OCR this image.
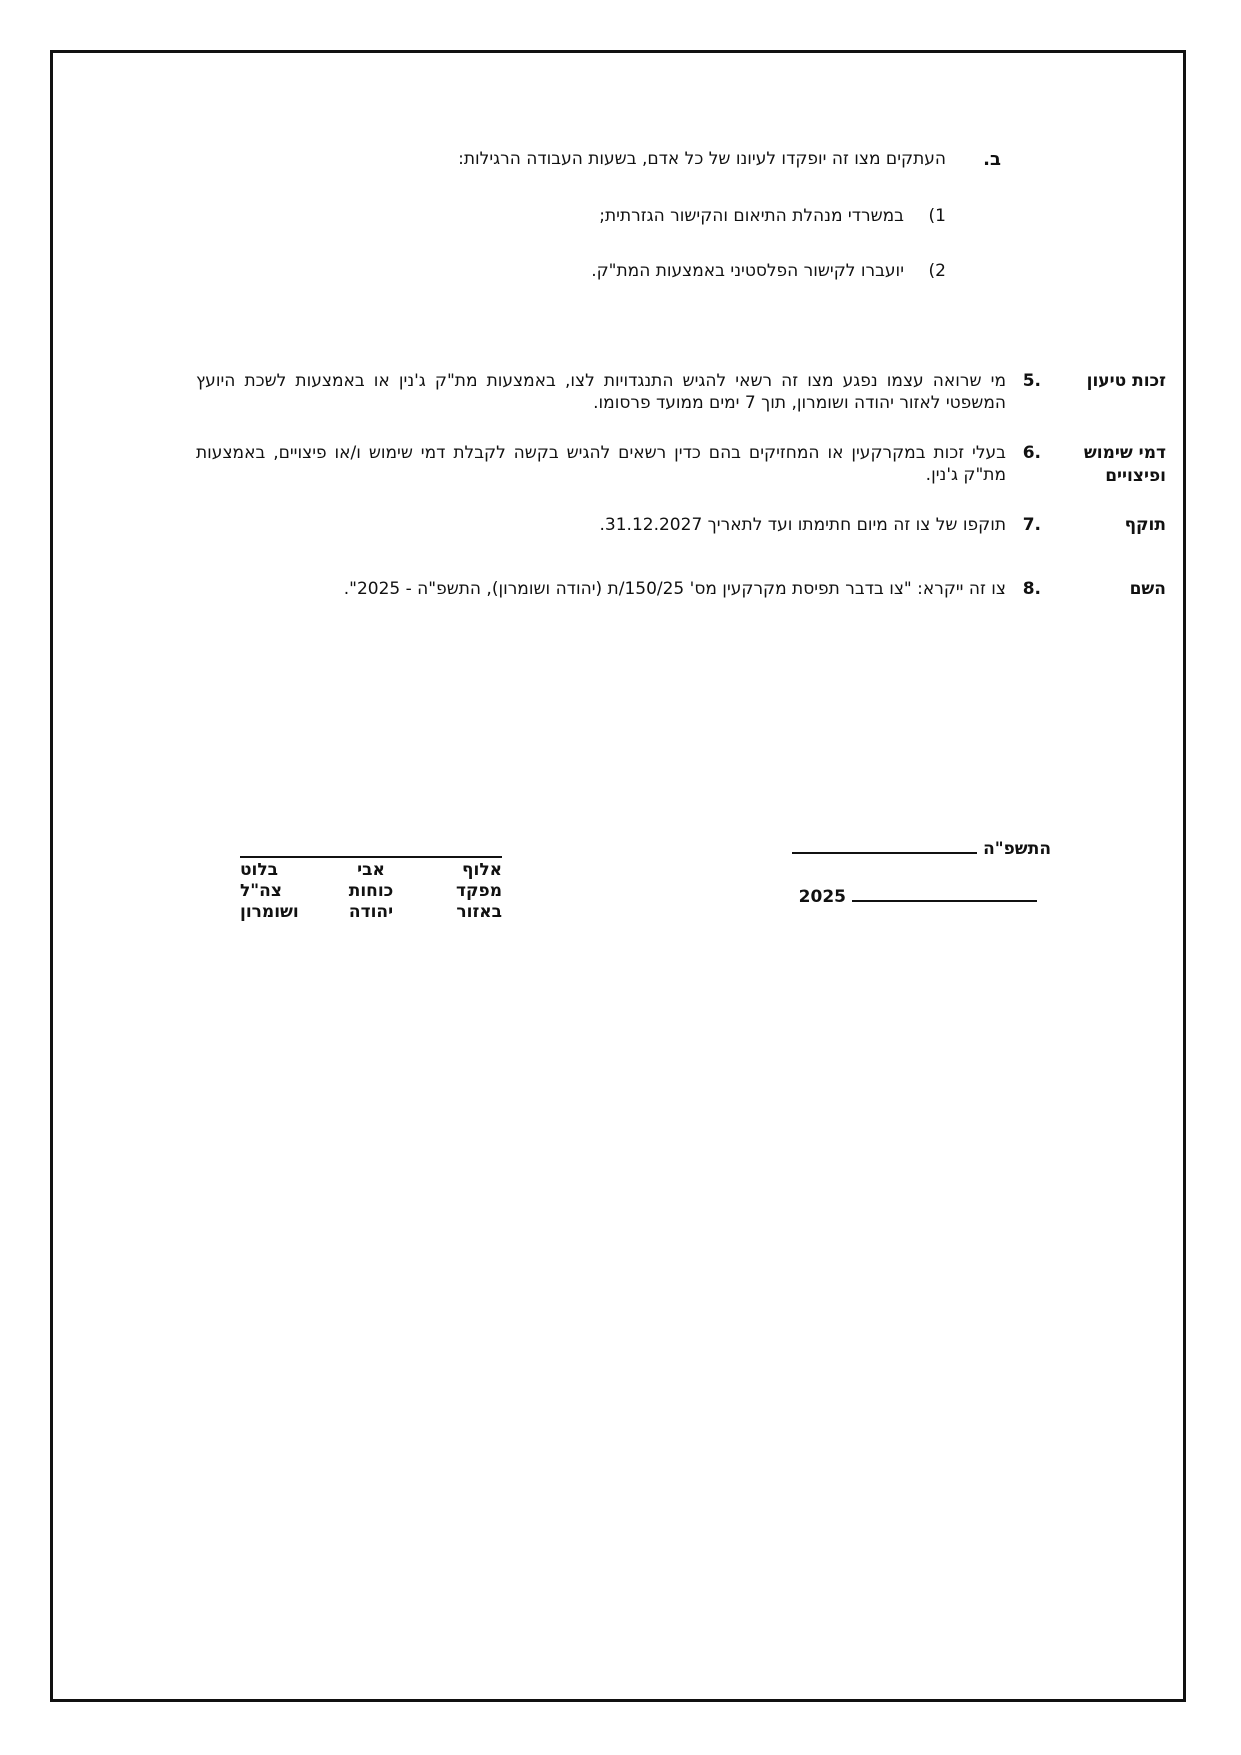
ב.
העתקים מצו זה יופקדו לעיונו של כל אדם, בשעות העבודה הרגילות:
1)במשרדי מנהלת התיאום והקישור הגזרתית;
2)יועברו לקישור הפלסטיני באמצעות המת"ק.
זכות טיעון
.5
מי שרואה עצמו נפגע מצו זה רשאי להגיש התנגדויות לצו, באמצעות מת"ק ג'נין או באמצעות לשכת היועץ המשפטי לאזור יהודה ושומרון, תוך 7 ימים ממועד פרסומו.
דמי שימוש ופיצויים
.6
בעלי זכות במקרקעין או המחזיקים בהם כדין רשאים להגיש בקשה לקבלת דמי שימוש ו/או פיצויים, באמצעות מת"ק ג'נין.
תוקף
.7
תוקפו של צו זה מיום חתימתו ועד לתאריך 31.12.2027.
השם
.8
צו זה ייקרא: "צו בדבר תפיסת מקרקעין מס' 150/25/ת (יהודה ושומרון), התשפ"ה - 2025".
התשפ"ה
2025
אלוף
מפקד
באזור
אבי
כוחות
יהודה
בלוט
צה"ל
ושומרון
